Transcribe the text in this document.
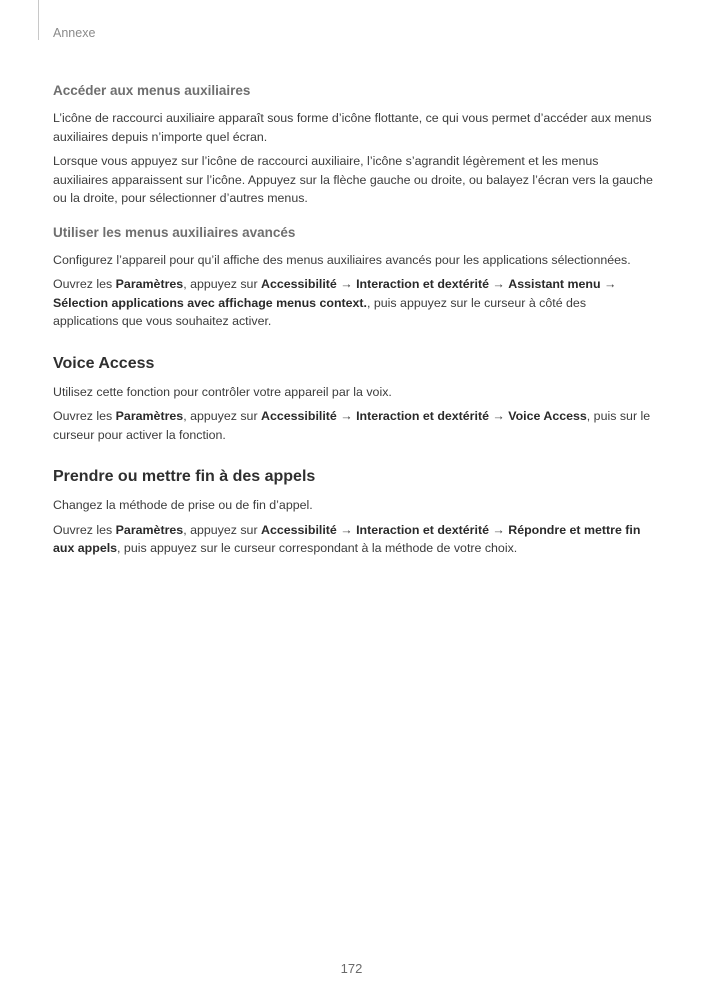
Annexe
Accéder aux menus auxiliaires

L’icône de raccourci auxiliaire apparaît sous forme d’icône flottante, ce qui vous permet d’accéder aux menus auxiliaires depuis n’importe quel écran.

Lorsque vous appuyez sur l’icône de raccourci auxiliaire, l’icône s’agrandit légèrement et les menus auxiliaires apparaissent sur l’icône. Appuyez sur la flèche gauche ou droite, ou balayez l’écran vers la gauche ou la droite, pour sélectionner d’autres menus.

Utiliser les menus auxiliaires avancés

Configurez l’appareil pour qu’il affiche des menus auxiliaires avancés pour les applications sélectionnées.

Ouvrez les Paramètres, appuyez sur Accessibilité → Interaction et dextérité → Assistant menu → Sélection applications avec affichage menus context., puis appuyez sur le curseur à côté des applications que vous souhaitez activer.

Voice Access

Utilisez cette fonction pour contrôler votre appareil par la voix.

Ouvrez les Paramètres, appuyez sur Accessibilité → Interaction et dextérité → Voice Access, puis sur le curseur pour activer la fonction.

Prendre ou mettre fin à des appels

Changez la méthode de prise ou de fin d’appel.

Ouvrez les Paramètres, appuyez sur Accessibilité → Interaction et dextérité → Répondre et mettre fin aux appels, puis appuyez sur le curseur correspondant à la méthode de votre choix.

172
